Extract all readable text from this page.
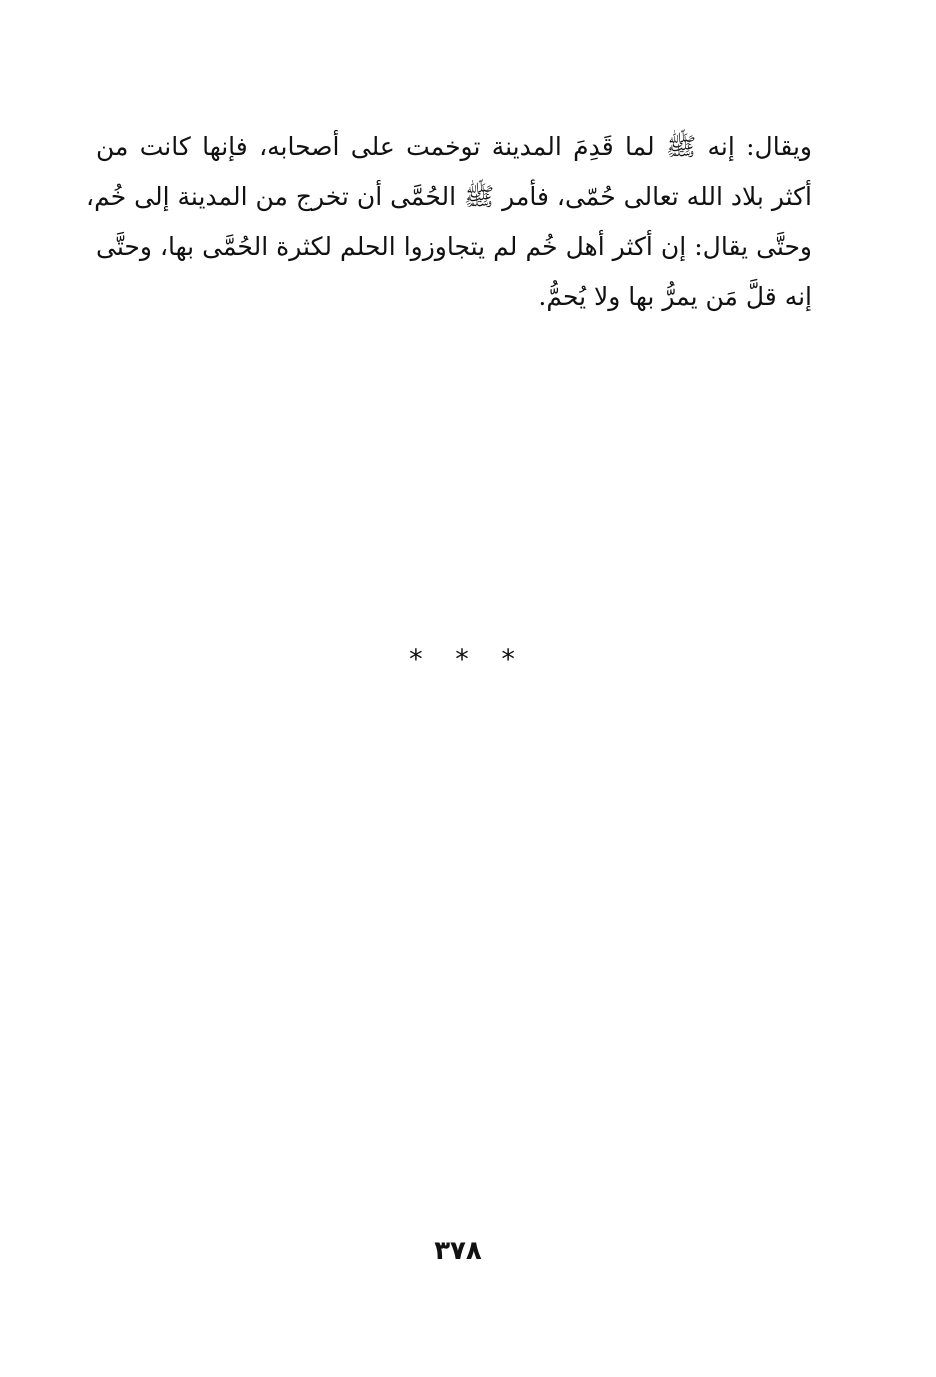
ويقال: إنه ﷺ لما قَدِمَ المدينة توخمت على أصحابه، فإنها كانت من
أكثر بلاد الله تعالى حُمّى، فأمر ﷺ الحُمَّى أن تخرج من المدينة إلى خُم،
وحتَّى يقال: إن أكثر أهل خُم لم يتجاوزوا الحلم لكثرة الحُمَّى بها، وحتَّى
إنه قلَّ مَن يمرُّ بها ولا يُحمُّ.
* * *
٣٧٨
